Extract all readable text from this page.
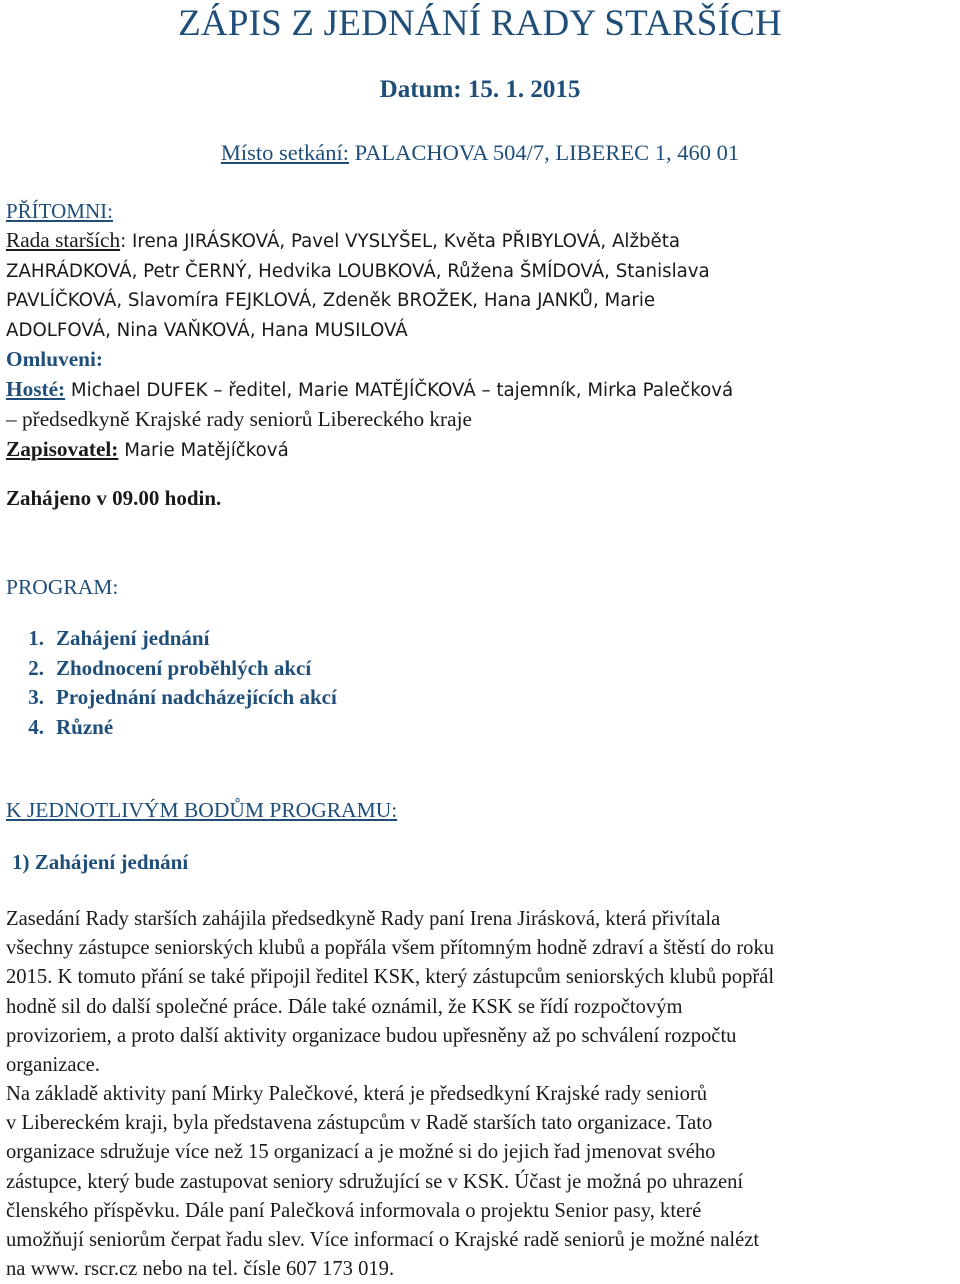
ZÁPIS Z JEDNÁNÍ RADY STARŠÍCH
Datum: 15. 1. 2015
Místo setkání: PALACHOVA 504/7, LIBEREC 1, 460 01
PŘÍTOMNI:
Rada starších: Irena JIRÁSKOVÁ, Pavel VYSLYŠEL, Květa PŘIBYLOVÁ, Alžběta
ZAHRÁDKOVÁ, Petr ČERNÝ, Hedvika LOUBKOVÁ, Růžena ŠMÍDOVÁ, Stanislava
PAVLÍČKOVÁ, Slavomíra FEJKLOVÁ, Zdeněk BROŽEK, Hana JANKŮ, Marie
ADOLFOVÁ, Nina VAŇKOVÁ, Hana MUSILOVÁ
Omluveni:
Hosté: Michael DUFEK – ředitel, Marie MATĚJÍČKOVÁ – tajemník, Mirka Palečková
– předsedkyně Krajské rady seniorů Libereckého kraje
Zapisovatel: Marie Matějíčková
Zahájeno v 09.00 hodin.
PROGRAM:
1. Zahájení jednání
2. Zhodnocení proběhlých akcí
3. Projednání nadcházejících akcí
4. Různé
K JEDNOTLIVÝM BODŮM PROGRAMU:
1) Zahájení jednání
Zasedání Rady starších zahájila předsedkyně Rady paní Irena Jirásková, která přivítala
všechny zástupce seniorských klubů a popřála všem přítomným hodně zdraví a štěstí do roku
2015. K tomuto přání se také připojil ředitel KSK, který zástupcům seniorských klubů popřál
hodně sil do další společné práce. Dále také oznámil, že KSK se řídí rozpočtovým
provizoriem, a proto další aktivity organizace budou upřesněny až po schválení rozpočtu
organizace.
Na základě aktivity paní Mirky Palečkové, která je předsedkyní Krajské rady seniorů
v Libereckém kraji, byla představena zástupcům v Radě starších tato organizace. Tato
organizace sdružuje více než 15 organizací a je možné si do jejich řad jmenovat svého
zástupce, který bude zastupovat seniory sdružující se v KSK. Účast je možná po uhrazení
členského příspěvku. Dále paní Palečková informovala o projektu Senior pasy, které
umožňují seniorům čerpat řadu slev. Více informací o Krajské radě seniorů je možné nalézt
na www. rscr.cz nebo na tel. čísle 607 173 019.
